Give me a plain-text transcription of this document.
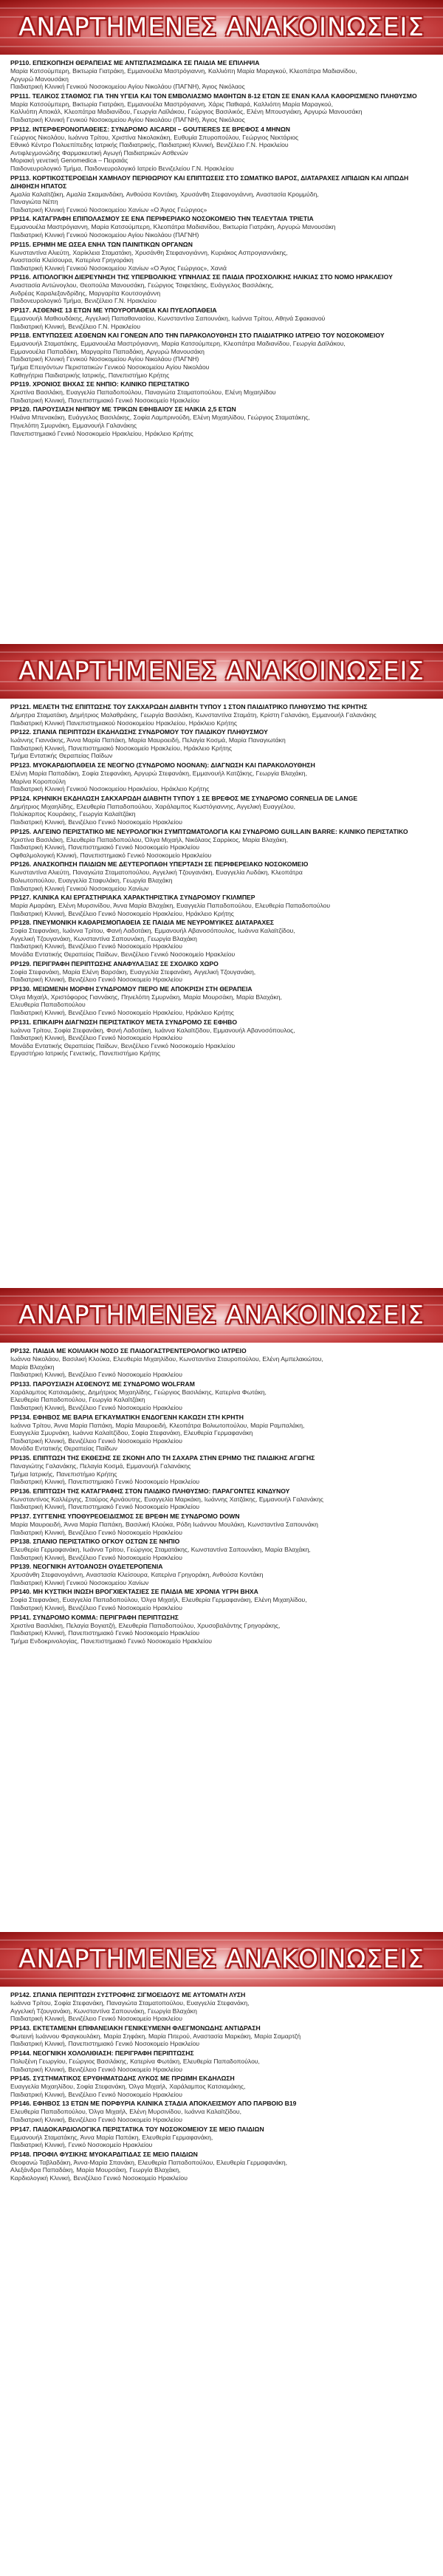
ΑΝΑΡΤΗΜΕΝΕΣ ΑΝΑΚΟΙΝΩΣΕΙΣ
PP110. ΕΠΙΣΚΟΠΗΣΗ ΘΕΡΑΠΕΙΑΣ ΜΕ ΑΝΤΙΣΠΑΣΜΩΔΙΚΑ ΣΕ ΠΑΙΔΙΑ ΜΕ ΕΠΙΛΗΨΙΑ
Μαρία Κατσούμπερη, Βικτωρία Γιατράκη, Εμμανουέλα Μαστρόγιαννη, Καλλιόπη Μαρία Μαραγκού, Κλεοπάτρα Μαδιανίδου,
Αργυρώ Μανουσάκη
Παιδιατρική Κλινική Γενικού Νοσοκομείου Αγίου Νικολάου (ΠΑΓΝΗ), Άγιος Νικόλαος
PP111. ΤΕΛΙΚΟΣ ΣΤΑΘΜΟΣ ΓΙΑ ΤΗΝ ΥΓΕΙΑ ΚΑΙ ΤΟΝ ΕΜΒΟΛΙΑΣΜΟ ΜΑΘΗΤΩΝ 8-12 ΕΤΩΝ ΣΕ ΕΝΑΝ ΚΑΛΑ ΚΑΘΟΡΙΣΜΕΝΟ ΠΛΗΘΥΣΜΟ
Μαρία Κατσούμπερη, Βικτωρία Γιατράκη, Εμμανουέλα Μαστρόγιαννη, Χάρις Παθιαρά, Καλλιόπη Μαρία Μαραγκού,
Καλλιόπη Αποκάλ, Κλεοπάτρα Μαδιανίδου, Γεωργία Λαϊλάκου, Γεώργιος Βασιλικός, Ελένη Μπουσγιάκη, Αργυρώ Μανουσάκη
Παιδιατρική Κλινική Γενικού Νοσοκομείου Αγίου Νικολάου (ΠΑΓΝΗ), Άγιος Νικόλαος
PP112. ΙΝΤΕΡΦΕΡΟΝΟΠΑΘΕΙΕΣ: ΣΥΝΔΡΟΜΟ AICARDI – GOUTIERES ΣΕ ΒΡΕΦΟΣ 4 ΜΗΝΩΝ
Γεώργιος Νικολάου, Ιωάννα Τρίτου, Χριστίνα Νικολακάκη, Ευθυμία Σπυροπούλου, Γεώργιος Νεκτάριος
Εθνικό Κέντρο Πολυεπίπεδης Ιατρικής Παιδιατρικής, Παιδιατρική Κλινική, Βενιζέλειο Γ.Ν. Ηρακλείου
Αντιφλεγμονώδης Φαρμακευτική Αγωγή Παιδιατρικών Ασθενών
Μοριακή γενετική Genomedica – Πειραιάς
Παιδονευρολογικό Τμήμα, Παιδονευρολογικό Ιατρείο Βενιζελείου Γ.Ν. Ηρακλείου
PP113. ΚΟΡΤΙΚΟΣΤΕΡΟΕΙΔΗ ΧΑΜΗΛΟΥ ΠΕΡΙΘΩΡΙΟΥ ΚΑΙ ΕΠΙΠΤΩΣΕΙΣ ΣΤΟ ΣΩΜΑΤΙΚΟ ΒΑΡΟΣ, ΔΙΑΤΑΡΑΧΕΣ ΛΙΠΙΔΙΩΝ ΚΑΙ ΛΙΠΩΔΗ ΔΙΗΘΗΣΗ ΗΠΑΤΟΣ
Αμαλία Καλαϊτζάκη, Αμαλία Σκαμανδάκη, Ανθούσα Κοντάκη, Χρυσάνθη Στεφανογιάννη, Αναστασία Κρομμύδη,
Παναγιώτα Νέπη
Παιδιατρική Κλινική Γενικού Νοσοκομείου Χανίων «Ο Άγιος Γεώργιος»
PP114. ΚΑΤΑΓΡΑΦΗ ΕΠΙΠΟΛΑΣΜΟΥ ΣΕ ΕΝΑ ΠΕΡΙΦΕΡΙΑΚΟ ΝΟΣΟΚΟΜΕΙΟ ΤΗΝ ΤΕΛΕΥΤΑΙΑ ΤΡΙΕΤΙΑ
Εμμανουέλα Μαστρόγιαννη, Μαρία Κατσούμπερη, Κλεοπάτρα Μαδιανίδου, Βικτωρία Γιατράκη, Αργυρώ Μανουσάκη
Παιδιατρική Κλινική Γενικού Νοσοκομείου Αγίου Νικολάου (ΠΑΓΝΗ)
PP115. ΕΡΗΜΗ ΜΕ ΩΣΕΑ ΕΝΗΛ ΤΩΝ ΠΑΙΝΙΤΙΚΩΝ ΟΡΓΑΝΩΝ
Κωνσταντίνα Αλιεύτη, Χαρίκλεια Σταματάκη, Χρυσάνθη Στεφανογιάννη, Κυριάκος Ασπρογιαννάκης,
Αναστασία Κλείσουρα, Κατερίνα Γρηγοράκη
Παιδιατρική Κλινική Γενικού Νοσοκομείου Χανίων «Ο Άγιος Γεώργιος», Χανιά
PP116. ΑΙΤΙΟΛΟΓΙΚΗ ΔΙΕΡΕΥΝΗΣΗ ΤΗΣ ΥΠΕΡΒΟΛΙΚΗΣ ΥΠΝΗΛΙΑΣ ΣΕ ΠΑΙΔΙΑ ΠΡΟΣΧΟΛΙΚΗΣ ΗΛΙΚΙΑΣ ΣΤΟ ΝΟΜΟ ΗΡΑΚΛΕΙΟΥ
Αναστασία Αντώνογλου, Θεοπούλα Μανουσάκη, Γεώργιος Τσιφετάκης, Ευάγγελος Βασιλάκης,
Ανδρέας Καραλεξανδρίδης, Μαργαρίτα Κουτσογιάννη
Παιδονευρολογικό Τμήμα, Βενιζέλειο Γ.Ν. Ηρακλείου
PP117. ΑΣΘΕΝΗΣ 13 ΕΤΩΝ ΜΕ ΥΠΟΥΡΟΠΑΘΕΙΑ ΚΑΙ ΠΥΕΛΟΠΑΘΕΙΑ
Εμμανουήλ Μαθιουδάκης, Αγγελική Παπαθανασίου, Κωνσταντίνα Σαπουνάκη, Ιωάννα Τρίτου, Αθηνά Σφακιανού
Παιδιατρική Κλινική, Βενιζέλειο Γ.Ν. Ηρακλείου
PP118. ΕΝΤΥΠΩΣΕΙΣ ΑΣΘΕΝΩΝ ΚΑΙ ΓΟΝΕΩΝ ΑΠΟ ΤΗΝ ΠΑΡΑΚΟΛΟΥΘΗΣΗ ΣΤΟ ΠΑΙΔΙΑΤΡΙΚΟ ΙΑΤΡΕΙΟ ΤΟΥ ΝΟΣΟΚΟΜΕΙΟΥ
Εμμανουήλ Σταματάκης, Εμμανουέλα Μαστρόγιαννη, Μαρία Κατσούμπερη, Κλεοπάτρα Μαδιανίδου, Γεωργία Δαϊλάκου,
Εμμανουέλα Παπαδάκη, Μαργαρίτα Παπαδάκη, Αργυρώ Μανουσάκη
Παιδιατρική Κλινική Γενικού Νοσοκομείου Αγίου Νικολάου (ΠΑΓΝΗ)
Τμήμα Επειγόντων Περιστατικών Γενικού Νοσοκομείου Αγίου Νικολάου
Καθηγήτρια Παιδιατρικής Ιατρικής, Πανεπιστήμιο Κρήτης
PP119. ΧΡΟΝΙΟΣ ΒΗΧΑΣ ΣΕ ΝΗΠΙΟ: ΚΛΙΝΙΚΟ ΠΕΡΙΣΤΑΤΙΚΟ
Χριστίνα Βασιλάκη, Ευαγγελία Παπαδοπούλου, Παναγιώτα Σταματοπούλου, Ελένη Μιχαηλίδου
Παιδιατρική Κλινική, Πανεπιστημιακό Γενικό Νοσοκομείο Ηρακλείου
PP120. ΠΑΡΟΥΣΙΑΣΗ ΝΗΠΙΟΥ ΜΕ ΤΡΙΚΩΝ ΕΦΗΒΑΙΟΥ ΣΕ ΗΛΙΚΙΑ 2,5 ΕΤΩΝ
Ηλιάνα Μπενακάκη, Ευάγγελος Βασιλάκης, Σοφία Λαμπρινούδη, Ελένη Μιχαηλίδου, Γεώργιος Σταματάκης,
Πηνελόπη Σμυρνάκη, Εμμανουήλ Γαλανάκης
Πανεπιστημιακό Γενικό Νοσοκομείο Ηρακλείου, Ηράκλειο Κρήτης
ΑΝΑΡΤΗΜΕΝΕΣ ΑΝΑΚΟΙΝΩΣΕΙΣ
PP121. ΜΕΛΕΤΗ ΤΗΣ ΕΠΙΠΤΩΣΗΣ ΤΟΥ ΣΑΚΧΑΡΩΔΗ ΔΙΑΒΗΤΗ ΤΥΠΟΥ 1 ΣΤΟΝ ΠΑΙΔΙΑΤΡΙΚΟ ΠΛΗΘΥΣΜΟ ΤΗΣ ΚΡΗΤΗΣ
Δήμητρα Σταματάκη, Δημήτριος Μαλαθράκης, Γεωργία Βασιλάκη, Κωνσταντίνα Σταμάτη, Κρίστη Γαλανάκη, Εμμανουήλ Γαλανάκης
Παιδιατρική Κλινική Πανεπιστημιακού Νοσοκομείου Ηρακλείου, Ηράκλειο Κρήτης
PP122. ΣΠΑΝΙΑ ΠΕΡΙΠΤΩΣΗ ΕΚΔΗΛΩΣΗΣ ΣΥΝΔΡΟΜΟΥ ΤΟΥ ΠΑΙΔΙΚΟΥ ΠΛΗΘΥΣΜΟΥ
Ιωάννης Γιαννάκης, Άννα Μαρία Παπάκη, Μαρία Μαυροειδή, Πελαγία Κοσμά, Μαρία Παναγιωτάκη
Παιδιατρική Κλινική, Πανεπιστημιακό Νοσοκομείο Ηρακλείου, Ηράκλειο Κρήτης
Τμήμα Εντατικής Θεραπείας Παίδων
PP123. ΜΥΟΚΑΡΔΙΟΠΑΘΕΙΑ ΣΕ ΝΕΟΓΝΟ (ΣΥΝΔΡΟΜΟ NOONAN): ΔΙΑΓΝΩΣΗ ΚΑΙ ΠΑΡΑΚΟΛΟΥΘΗΣΗ
Ελένη Μαρία Παπαδάκη, Σοφία Στεφανάκη, Αργυρώ Στεφανάκη, Εμμανουήλ Κατζάκης, Γεωργία Βλαχάκη,
Μαρίνα Κοροπούλη
Παιδιατρική Κλινική Γενικού Νοσοκομείου Ηρακλείου, Ηράκλειο Κρήτης
PP124. ΚΡΗΝΙΚΗ ΕΚΔΗΛΩΣΗ ΣΑΚΧΑΡΩΔΗ ΔΙΑΒΗΤΗ ΤΥΠΟΥ 1 ΣΕ ΒΡΕΦΟΣ ΜΕ ΣΥΝΔΡΟΜΟ CORNELIA DE LANGE
Δημήτριος Μιχαηλίδης, Ελευθερία Παπαδοπούλου, Χαράλαμπος Κωστόγιαννης, Αγγελική Ευαγγέλου,
Πολύκαρπος Κουράκης, Γεωργία Καλαϊτζάκη
Παιδιατρική Κλινική, Βενιζέλειο Γενικό Νοσοκομείο Ηρακλείου
PP125. ΑΛΓΕΙΝΟ ΠΕΡΙΣΤΑΤΙΚΟ ΜΕ ΝΕΥΡΟΛΟΓΙΚΗ ΣΥΜΠΤΩΜΑΤΟΛΟΓΙΑ ΚΑΙ ΣΥΝΔΡΟΜΟ GUILLAIN BARRE: ΚΛΙΝΙΚΟ ΠΕΡΙΣΤΑΤΙΚΟ
Χριστίνα Βασιλάκη, Ελευθερία Παπαδοπούλου, Όλγα Μιχαήλ, Νικόλαος Σαρρίκος, Μαρία Βλαχάκη,
Παιδιατρική Κλινική, Πανεπιστημιακό Γενικό Νοσοκομείο Ηρακλείου
Οφθαλμολογική Κλινική, Πανεπιστημιακό Γενικό Νοσοκομείο Ηρακλείου
PP126. ΑΝΑΣΚΟΠΗΣΗ ΠΑΙΔΙΩΝ ΜΕ ΔΕΥΤΕΡΟΠΑΘΗ ΥΠΕΡΤΑΣΗ ΣΕ ΠΕΡΙΦΕΡΕΙΑΚΟ ΝΟΣΟΚΟΜΕΙΟ
Κωνσταντίνα Αλιεύτη, Παναγιώτα Σταματοπούλου, Αγγελική Τζουγανάκη, Ευαγγελία Λυδάκη, Κλεοπάτρα
Βολιωτοπούλου, Ευαγγελία Σταφυλάκη, Γεωργία Βλαχάκη
Παιδιατρική Κλινική Γενικού Νοσοκομείου Χανίων
PP127. ΚΛΙΝΙΚΑ ΚΑΙ ΕΡΓΑΣΤΗΡΙΑΚΑ ΧΑΡΑΚΤΗΡΙΣΤΙΚΑ ΣΥΝΔΡΟΜΟΥ ΓΚΙΛΜΠΕΡ
Μαρία Αμαράκη, Ελένη Μυρσινίδου, Άννα Μαρία Βλαχάκη, Ευαγγελία Παπαδοπούλου, Ελευθερία Παπαδοπούλου
Παιδιατρική Κλινική, Βενιζέλειο Γενικό Νοσοκομείο Ηρακλείου, Ηράκλειο Κρήτης
PP128. ΠΝΕΥΜΟΝΙΚΗ ΚΑΘΑΡΙΣΜΟΠΑΘΕΙΑ ΣΕ ΠΑΙΔΙΑ ΜΕ ΝΕΥΡΟΜΥΙΚΕΣ ΔΙΑΤΑΡΑΧΕΣ
Σοφία Στεφανάκη, Ιωάννα Τρίτου, Φανή Λαδοτάκη, Εμμανουήλ Αβανοσόπουλος, Ιωάννα Καλαϊτζίδου,
Αγγελική Τζουγανάκη, Κωνσταντίνα Σαπουνάκη, Γεωργία Βλαχάκη
Παιδιατρική Κλινική, Βενιζέλειο Γενικό Νοσοκομείο Ηρακλείου
Μονάδα Εντατικής Θεραπείας Παίδων, Βενιζέλειο Γενικό Νοσοκομείο Ηρακλείου
PP129. ΠΕΡΙΓΡΑΦΗ ΠΕΡΙΠΤΩΣΗΣ ΑΝΑΦΥΛΑΞΙΑΣ ΣΕ ΣΧΟΛΙΚΟ ΧΩΡΟ
Σοφία Στεφανάκη, Μαρία Ελένη Βαρσάκη, Ευαγγελία Στεφανάκη, Αγγελική Τζουγανάκη,
Παιδιατρική Κλινική, Βενιζέλειο Γενικό Νοσοκομείο Ηρακλείου
PP130. ΜΕΙΩΜΕΝΗ ΜΟΡΦΗ ΣΥΝΔΡΟΜΟΥ ΠΙΕΡΟ ΜΕ ΑΠΟΚΡΙΣΗ ΣΤΗ ΘΕΡΑΠΕΙΑ
Όλγα Μιχαήλ, Χριστόφορος Γιαννάκης, Πηνελόπη Σμυρνάκη, Μαρία Μουρσάκη, Μαρία Βλαχάκη,
Ελευθερία Παπαδοπούλου
Παιδιατρική Κλινική, Βενιζέλειο Γενικό Νοσοκομείο Ηρακλείου, Ηράκλειο Κρήτης
PP131. ΕΠΙΚΑΙΡΗ ΔΙΑΓΝΩΣΗ ΠΕΡΙΣΤΑΤΙΚΟΥ ΜΕΤΑ ΣΥΝΔΡΟΜΟ ΣΕ ΕΦΗΒΟ
Ιωάννα Τρίτου, Σοφία Στεφανάκη, Φανή Λαδοτάκη, Ιωάννα Καλαϊτζίδου, Εμμανουήλ Αβανοσόπουλος,
Παιδιατρική Κλινική, Βενιζέλειο Γενικό Νοσοκομείο Ηρακλείου
Μονάδα Εντατικής Θεραπείας Παίδων, Βενιζέλειο Γενικό Νοσοκομείο Ηρακλείου
Εργαστήριο Ιατρικής Γενετικής, Πανεπιστήμιο Κρήτης
ΑΝΑΡΤΗΜΕΝΕΣ ΑΝΑΚΟΙΝΩΣΕΙΣ
PP132. ΠΑΙΔΙΑ ΜΕ ΚΟΙΛΙΑΚΗ ΝΟΣΟ ΣΕ ΠΑΙΔΟΓΑΣΤΡΕΝΤΕΡΟΛΟΓΙΚΟ ΙΑΤΡΕΙΟ
Ιωάννα Νικολάου, Βασιλική Κλούκα, Ελευθερία Μιχαηλίδου, Κωνσταντίνα Σταυροπούλου, Ελένη Αμπελακιώτου,
Μαρία Βλαχάκη
Παιδιατρική Κλινική, Βενιζέλειο Γενικό Νοσοκομείο Ηρακλείου
PP133. ΠΑΡΟΥΣΙΑΣΗ ΑΣΘΕΝΟΥΣ ΜΕ ΣΥΝΔΡΟΜΟ WOLFRAM
Χαράλαμπος Κατσιαμάκης, Δημήτριος Μιχαηλίδης, Γεώργιος Βασιλάκης, Κατερίνα Φωτάκη,
Ελευθερία Παπαδοπούλου, Γεωργία Καλαϊτζάκη
Παιδιατρική Κλινική, Βενιζέλειο Γενικό Νοσοκομείο Ηρακλείου
PP134. ΕΦΗΒΟΣ ΜΕ ΒΑΡΙΑ ΕΓΚΑΥΜΑΤΙΚΗ ΕΝΔΟΓΕΝΗ ΚΑΚΩΣΗ ΣΤΗ ΚΡΗΤΗ
Ιωάννα Τρίτου, Άννα Μαρία Παπάκη, Μαρία Μαυροειδή, Κλεοπάτρα Βολιωτοπούλου, Μαρία Ραμπαλάκη,
Ευαγγελία Σμυρνάκη, Ιωάννα Καλαϊτζίδου, Σοφία Στεφανάκη, Ελευθερία Γερμαφανάκη
Παιδιατρική Κλινική, Βενιζέλειο Γενικό Νοσοκομείο Ηρακλείου
Μονάδα Εντατικής Θεραπείας Παίδων
PP135. ΕΠΙΠΤΩΣΗ ΤΗΣ ΕΚΘΕΣΗΣ ΣΕ ΣΚΟΝΗ ΑΠΟ ΤΗ ΣΑΧΑΡΑ ΣΤΗΝ ΕΡΗΜΟ ΤΗΣ ΠΑΙΔΙΚΗΣ ΑΓΩΓΗΣ
Παναγιώτης Γαλανάκης, Πελαγία Κοσμά, Εμμανουήλ Γαλανάκης
Τμήμα Ιατρικής, Πανεπιστήμιο Κρήτης
Παιδιατρική Κλινική, Πανεπιστημιακό Γενικό Νοσοκομείο Ηρακλείου
PP136. ΕΠΙΠΤΩΣΗ ΤΗΣ ΚΑΤΑΓΡΑΦΗΣ ΣΤΟΝ ΠΑΙΔΙΚΟ ΠΛΗΘΥΣΜΟ: ΠΑΡΑΓΟΝΤΕΣ ΚΙΝΔΥΝΟΥ
Κωνσταντίνος Καλλέργης, Σταύρος Αρνάουτης, Ευαγγελία Μαρκάκη, Ιωάννης Χατζάκης, Εμμανουήλ Γαλανάκης
Παιδιατρική Κλινική, Πανεπιστημιακό Γενικό Νοσοκομείο Ηρακλείου
PP137. ΣΥΓΓΕΝΗΣ ΥΠΟΘΥΡΕΟΕΙΔΙΣΜΟΣ ΣΕ ΒΡΕΦΗ ΜΕ ΣΥΝΔΡΟΜΟ DOWN
Μαρία Μαυροειδή, Άννα Μαρία Παπάκη, Βασιλική Κλούκα, Ρόδη Ιωάννου Μουλάκη, Κωνσταντίνα Σαπουνάκη
Παιδιατρική Κλινική, Βενιζέλειο Γενικό Νοσοκομείο Ηρακλείου
PP138. ΣΠΑΝΙΟ ΠΕΡΙΣΤΑΤΙΚΟ ΟΓΚΟΥ ΟΣΤΩΝ ΣΕ ΝΗΠΙΟ
Ελευθερία Γερμαφανάκη, Ιωάννα Τρίτου, Γεώργιος Σταματάκης, Κωνσταντίνα Σαπουνάκη, Μαρία Βλαχάκη,
Παιδιατρική Κλινική, Βενιζέλειο Γενικό Νοσοκομείο Ηρακλείου
PP139. ΝΕΟΓΝΙΚΗ ΑΥΤΟΑΝΟΣΗ ΟΥΔΕΤΕΡΟΠΕΝΙΑ
Χρυσάνθη Στεφανογιάννη, Αναστασία Κλείσουρα, Κατερίνα Γρηγοράκη, Ανθούσα Κοντάκη
Παιδιατρική Κλινική Γενικού Νοσοκομείου Χανίων
PP140. ΜΗ ΚΥΣΤΙΚΗ ΙΝΩΣΗ ΒΡΟΓΧΙΕΚΤΑΣΙΕΣ ΣΕ ΠΑΙΔΙΑ ΜΕ ΧΡΟΝΙΑ ΥΓΡΗ ΒΗΧΑ
Σοφία Στεφανάκη, Ευαγγελία Παπαδοπούλου, Όλγα Μιχαήλ, Ελευθερία Γερμαφανάκη, Ελένη Μιχαηλίδου,
Παιδιατρική Κλινική, Βενιζέλειο Γενικό Νοσοκομείο Ηρακλείου
PP141. ΣΥΝΔΡΟΜΟ KOMMA: ΠΕΡΙΓΡΑΦΗ ΠΕΡΙΠΤΩΣΗΣ
Χριστίνα Βασιλάκη, Πελαγία Βογιατζή, Ελευθερία Παπαδοπούλου, Χρυσοβαλάντης Γρηγοράκης,
Παιδιατρική Κλινική, Πανεπιστημιακό Γενικό Νοσοκομείο Ηρακλείου
Τμήμα Ενδοκρινολογίας, Πανεπιστημιακό Γενικό Νοσοκομείο Ηρακλείου
ΑΝΑΡΤΗΜΕΝΕΣ ΑΝΑΚΟΙΝΩΣΕΙΣ
PP142. ΣΠΑΝΙΑ ΠΕΡΙΠΤΩΣΗ ΣΥΣΤΡΟΦΗΣ ΣΙΓΜΟΕΙΔΟΥΣ ΜΕ ΑΥΤΟΜΑΤΗ ΛΥΣΗ
Ιωάννα Τρίτου, Σοφία Στεφανάκη, Παναγιώτα Σταματοπούλου, Ευαγγελία Στεφανάκη,
Αγγελική Τζουγανάκη, Κωνσταντίνα Σαπουνάκη, Γεωργία Βλαχάκη
Παιδιατρική Κλινική, Βενιζέλειο Γενικό Νοσοκομείο Ηρακλείου
PP143. ΕΚΤΕΤΑΜΕΝΗ ΕΠΙΦΑΝΕΙΑΚΗ ΓΕΝΙΚΕΥΜΕΝΗ ΦΛΕΓΜΟΝΩΔΗΣ ΑΝΤΙΔΡΑΣΗ
Φωτεινή Ιωάννου Φραγκουλάκη, Μαρία Σηφάκη, Μαρία Πιτερού, Αναστασία Μαρκάκη, Μαρία Σαμαρτζή
Παιδιατρική Κλινική, Πανεπιστημιακό Γενικό Νοσοκομείο Ηρακλείου
PP144. ΝΕΟΓΝΙΚΗ ΧΟΛΟΛΙΘΙΑΣΗ: ΠΕΡΙΓΡΑΦΗ ΠΕΡΙΠΤΩΣΗΣ
Πολυξένη Γεωργίου, Γεώργιος Βασιλάκης, Κατερίνα Φωτάκη, Ελευθερία Παπαδοπούλου,
Παιδιατρική Κλινική, Βενιζέλειο Γενικό Νοσοκομείο Ηρακλείου
PP145. ΣΥΣΤΗΜΑΤΙΚΟΣ ΕΡΥΘΗΜΑΤΩΔΗΣ ΛΥΚΟΣ ΜΕ ΠΡΩΙΜΗ ΕΚΔΗΛΩΣΗ
Ευαγγελία Μιχαηλίδου, Σοφία Στεφανάκη, Όλγα Μιχαήλ, Χαράλαμπος Κατσιαμάκης,
Παιδιατρική Κλινική, Βενιζέλειο Γενικό Νοσοκομείο Ηρακλείου
PP146. ΕΦΗΒΟΣ 13 ΕΤΩΝ ΜΕ ΠΟΡΦΥΡΙΑ ΚΛΙΝΙΚΑ ΣΤΑΔΙΑ ΑΠΟΚΛΕΙΣΜΟΥ ΑΠΟ ΠΑΡΒΟΙΟ Β19
Ελευθερία Παπαδοπούλου, Όλγα Μιχαήλ, Ελένη Μυρσινίδου, Ιωάννα Καλαϊτζίδου,
Παιδιατρική Κλινική, Βενιζέλειο Γενικό Νοσοκομείο Ηρακλείου
PP147. ΠΑΙΔΟΚΑΡΔΙΟΛΟΓΙΚΑ ΠΕΡΙΣΤΑΤΙΚΑ ΤΟΥ ΝΟΣΟΚΟΜΕΙΟΥ ΣΕ ΜΕΙΟ ΠΑΙΔΙΩΝ
Εμμανουήλ Σταματάκης, Άννα Μαρία Παπάκη, Ελευθερία Γερμαφανάκη,
Παιδιατρική Κλινική, Γενικό Νοσοκομείο Ηρακλείου
PP148. ΠΡΟΦΙΛ ΦΥΣΙΚΗΣ ΜΥΟΚΑΡΔΙΤΙΔΑΣ ΣΕ ΜΕΙΟ ΠΑΙΔΙΩΝ
Θεοφανώ Ταβλαδάκη, Άννα-Μαρία Σπανάκη, Ελευθερία Παπαδοπούλου, Ελευθερία Γερμαφανάκη,
Αλεξάνδρα Παπαδάκη, Μαρία Μουρσάκη, Γεωργία Βλαχάκη,
Καρδιολογική Κλινική, Βενιζέλειο Γενικό Νοσοκομείο Ηρακλείου
